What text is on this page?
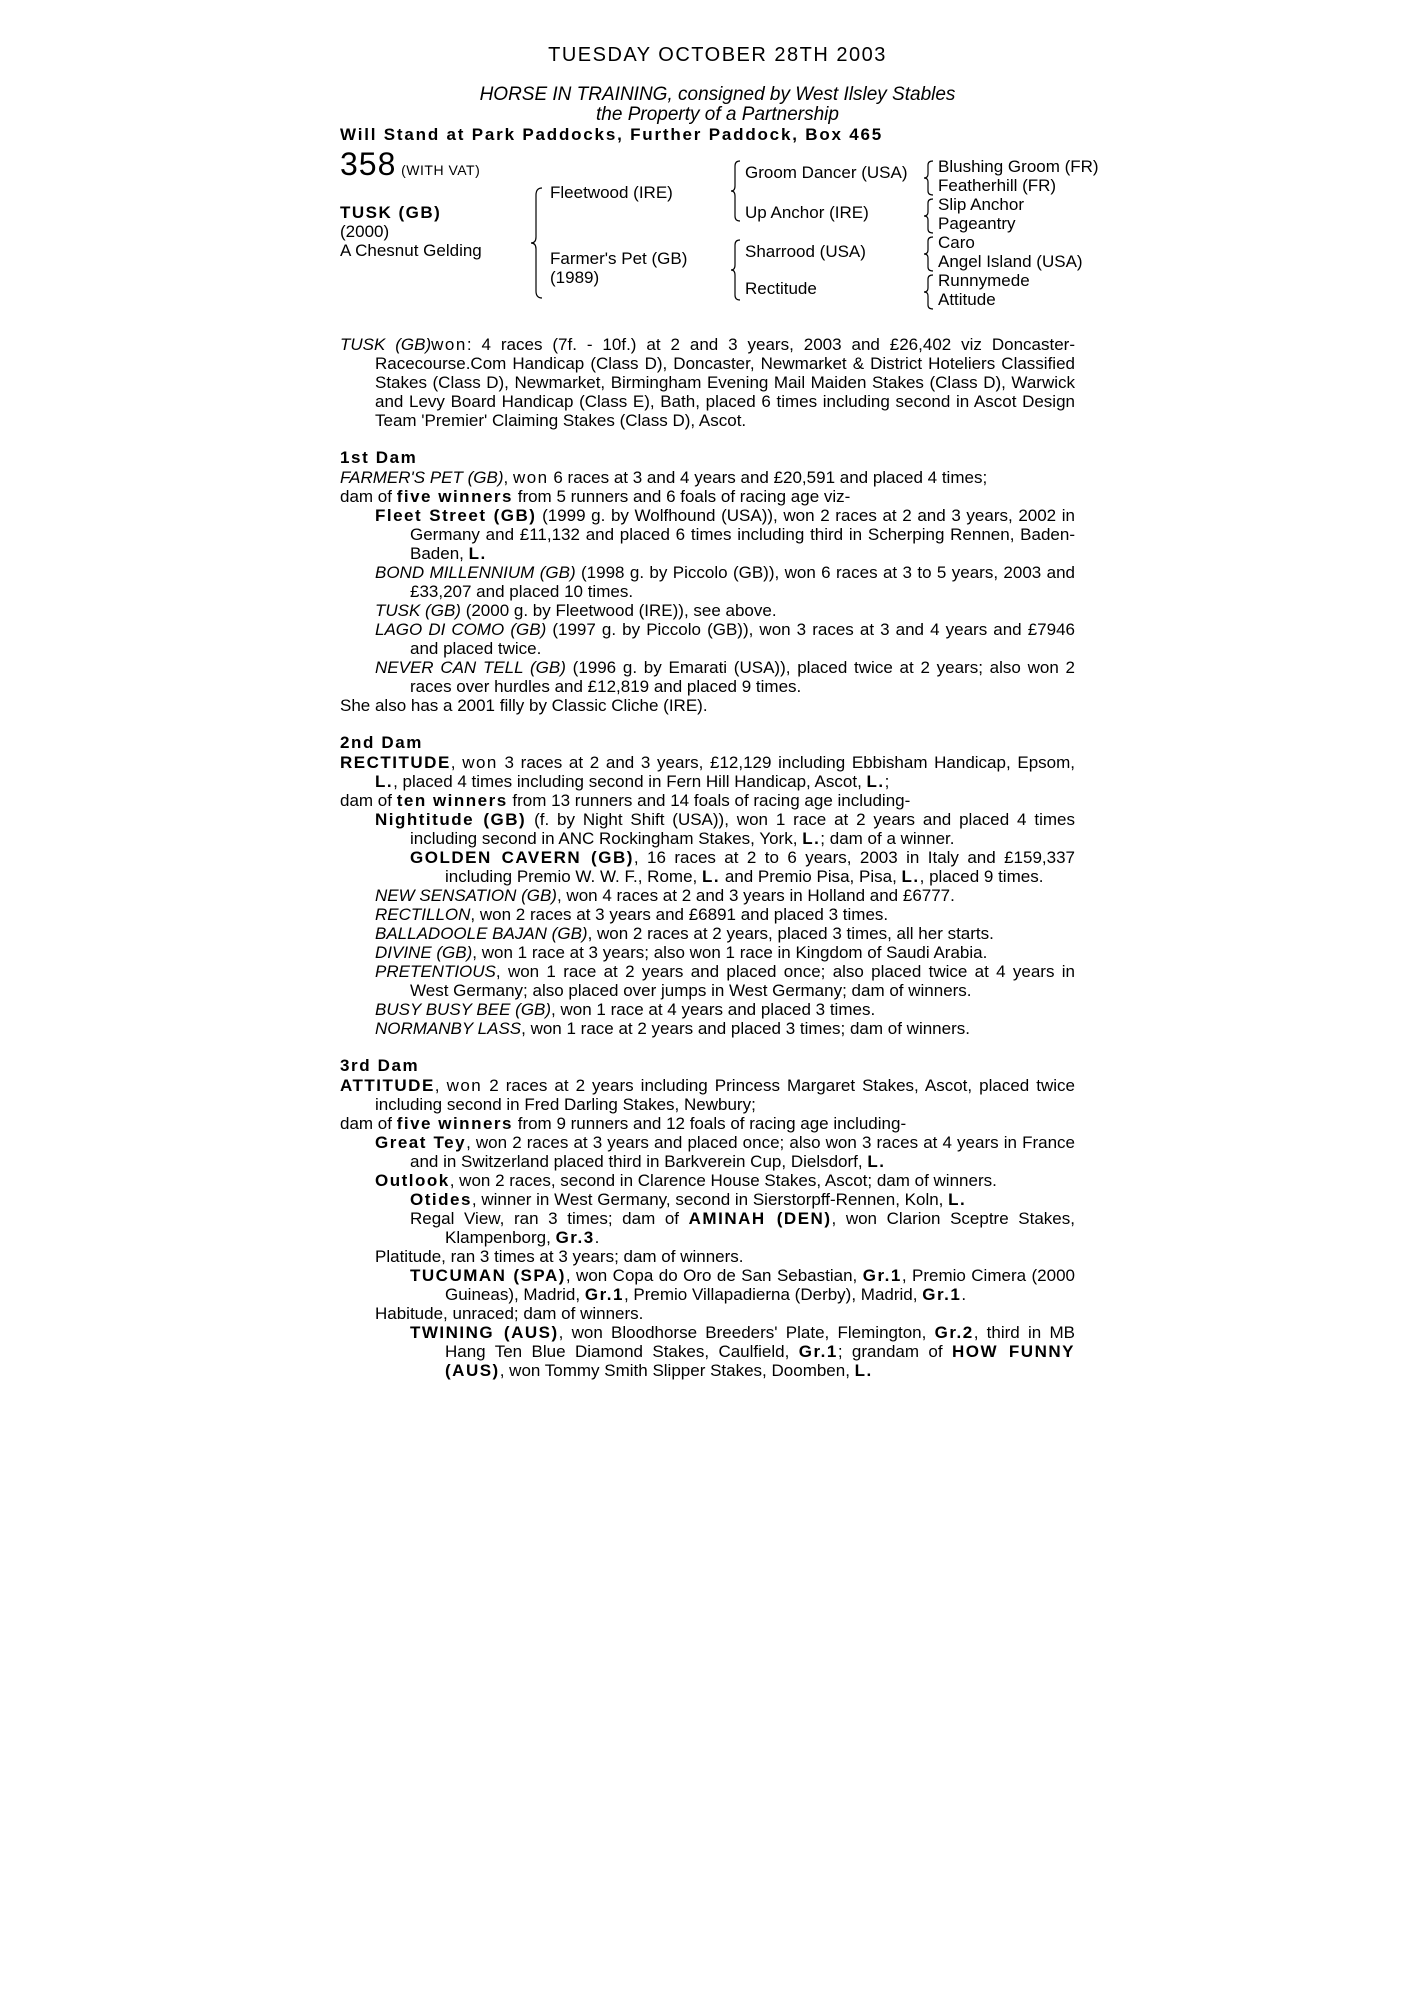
TUESDAY OCTOBER 28TH 2003
HORSE IN TRAINING, consigned by West Ilsley Stables
the Property of a Partnership
Will Stand at Park Paddocks, Further Paddock, Box 465
358 (WITH VAT)
TUSK (GB)
(2000)
A Chesnut Gelding
Fleetwood (IRE)
Farmer's Pet (GB)
(1989)
Groom Dancer (USA)
Up Anchor (IRE)
Sharrood (USA)
Rectitude
Blushing Groom (FR)
Featherhill (FR)
Slip Anchor
Pageantry
Caro
Angel Island (USA)
Runnymede
Attitude
TUSK (GB)won: 4 races (7f. - 10f.) at 2 and 3 years, 2003 and £26,402 viz Doncaster-Racecourse.Com Handicap (Class D), Doncaster, Newmarket & District Hoteliers Classified Stakes (Class D), Newmarket, Birmingham Evening Mail Maiden Stakes (Class D), Warwick and Levy Board Handicap (Class E), Bath, placed 6 times including second in Ascot Design Team 'Premier' Claiming Stakes (Class D), Ascot.
1st Dam
FARMER'S PET (GB), won 6 races at 3 and 4 years and £20,591 and placed 4 times;
dam of five winners from 5 runners and 6 foals of racing age viz-
Fleet Street (GB) (1999 g. by Wolfhound (USA)), won 2 races at 2 and 3 years, 2002 in Germany and £11,132 and placed 6 times including third in Scherping Rennen, Baden-Baden, L.
BOND MILLENNIUM (GB) (1998 g. by Piccolo (GB)), won 6 races at 3 to 5 years, 2003 and £33,207 and placed 10 times.
TUSK (GB) (2000 g. by Fleetwood (IRE)), see above.
LAGO DI COMO (GB) (1997 g. by Piccolo (GB)), won 3 races at 3 and 4 years and £7946 and placed twice.
NEVER CAN TELL (GB) (1996 g. by Emarati (USA)), placed twice at 2 years; also won 2 races over hurdles and £12,819 and placed 9 times.
She also has a 2001 filly by Classic Cliche (IRE).
2nd Dam
RECTITUDE, won 3 races at 2 and 3 years, £12,129 including Ebbisham Handicap, Epsom, L., placed 4 times including second in Fern Hill Handicap, Ascot, L.;
dam of ten winners from 13 runners and 14 foals of racing age including-
Nightitude (GB) (f. by Night Shift (USA)), won 1 race at 2 years and placed 4 times including second in ANC Rockingham Stakes, York, L.; dam of a winner.
GOLDEN CAVERN (GB), 16 races at 2 to 6 years, 2003 in Italy and £159,337 including Premio W. W. F., Rome, L. and Premio Pisa, Pisa, L., placed 9 times.
NEW SENSATION (GB), won 4 races at 2 and 3 years in Holland and £6777.
RECTILLON, won 2 races at 3 years and £6891 and placed 3 times.
BALLADOOLE BAJAN (GB), won 2 races at 2 years, placed 3 times, all her starts.
DIVINE (GB), won 1 race at 3 years; also won 1 race in Kingdom of Saudi Arabia.
PRETENTIOUS, won 1 race at 2 years and placed once; also placed twice at 4 years in West Germany; also placed over jumps in West Germany; dam of winners.
BUSY BUSY BEE (GB), won 1 race at 4 years and placed 3 times.
NORMANBY LASS, won 1 race at 2 years and placed 3 times; dam of winners.
3rd Dam
ATTITUDE, won 2 races at 2 years including Princess Margaret Stakes, Ascot, placed twice including second in Fred Darling Stakes, Newbury;
dam of five winners from 9 runners and 12 foals of racing age including-
Great Tey, won 2 races at 3 years and placed once; also won 3 races at 4 years in France and in Switzerland placed third in Barkverein Cup, Dielsdorf, L.
Outlook, won 2 races, second in Clarence House Stakes, Ascot; dam of winners.
Otides, winner in West Germany, second in Sierstorpff-Rennen, Koln, L.
Regal View, ran 3 times; dam of AMINAH (DEN), won Clarion Sceptre Stakes, Klampenborg, Gr.3.
Platitude, ran 3 times at 3 years; dam of winners.
TUCUMAN (SPA), won Copa do Oro de San Sebastian, Gr.1, Premio Cimera (2000 Guineas), Madrid, Gr.1, Premio Villapadierna (Derby), Madrid, Gr.1.
Habitude, unraced; dam of winners.
TWINING (AUS), won Bloodhorse Breeders' Plate, Flemington, Gr.2, third in MB Hang Ten Blue Diamond Stakes, Caulfield, Gr.1; grandam of HOW FUNNY (AUS), won Tommy Smith Slipper Stakes, Doomben, L.
